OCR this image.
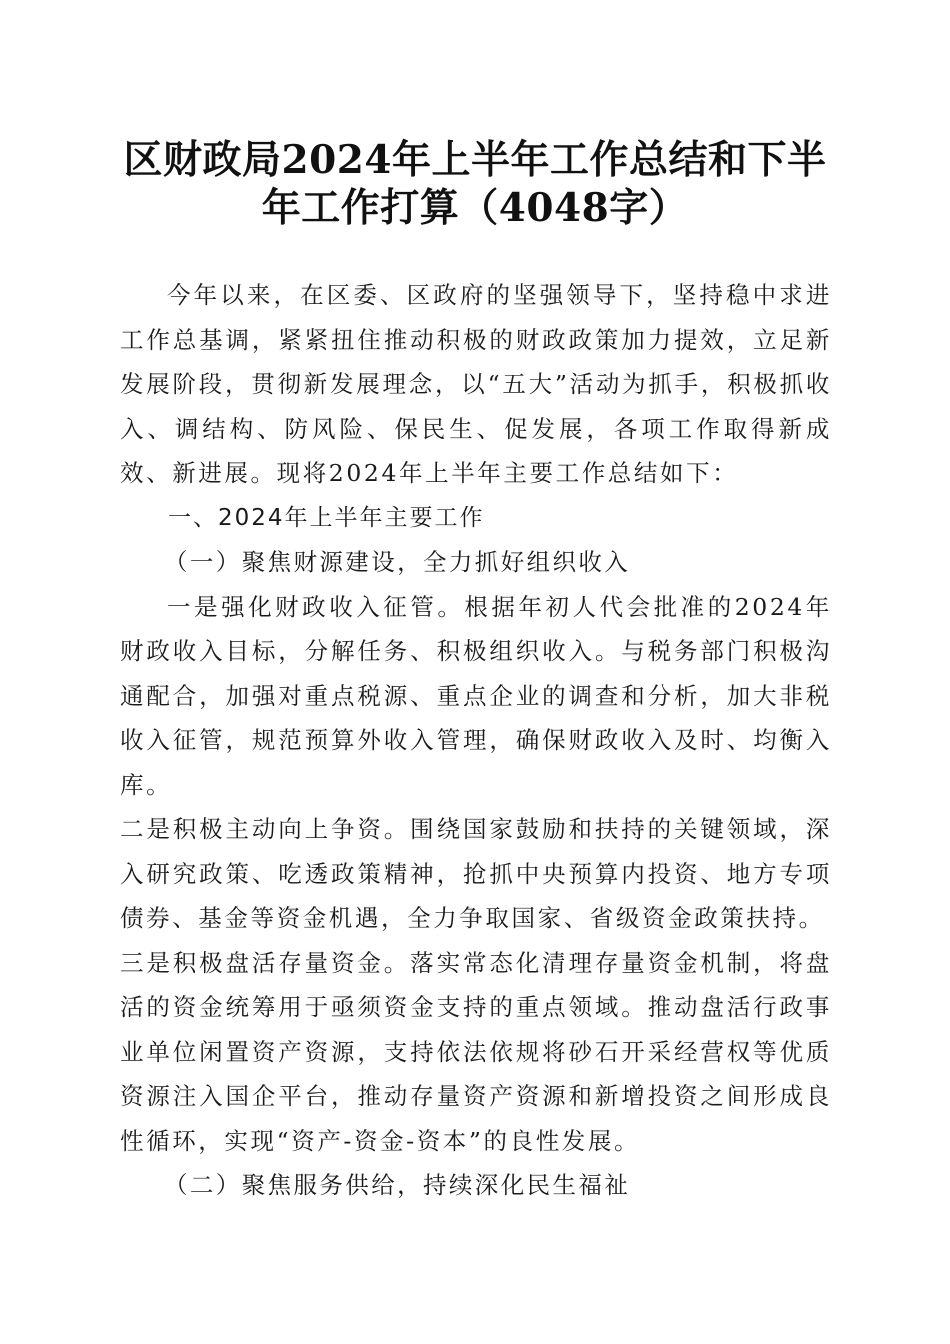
区财政局2024年上半年工作总结和下半年工作打算（4048字）

今年以来，在区委、区政府的坚强领导下，坚持稳中求进工作总基调，紧紧扭住推动积极的财政政策加力提效，立足新发展阶段，贯彻新发展理念，以“五大”活动为抓手，积极抓收入、调结构、防风险、保民生、促发展，各项工作取得新成效、新进展。现将2024年上半年主要工作总结如下：

一、2024年上半年主要工作

（一）聚焦财源建设，全力抓好组织收入

一是强化财政收入征管。根据年初人代会批准的2024年财政收入目标，分解任务、积极组织收入。与税务部门积极沟通配合，加强对重点税源、重点企业的调查和分析，加大非税收入征管，规范预算外收入管理，确保财政收入及时、均衡入库。

二是积极主动向上争资。围绕国家鼓励和扶持的关键领域，深入研究政策、吃透政策精神，抢抓中央预算内投资、地方专项债券、基金等资金机遇，全力争取国家、省级资金政策扶持。

三是积极盘活存量资金。落实常态化清理存量资金机制，将盘活的资金统筹用于亟须资金支持的重点领域。推动盘活行政事业单位闲置资产资源，支持依法依规将砂石开采经营权等优质资源注入国企平台，推动存量资产资源和新增投资之间形成良性循环，实现“资产-资金-资本”的良性发展。

（二）聚焦服务供给，持续深化民生福祉
